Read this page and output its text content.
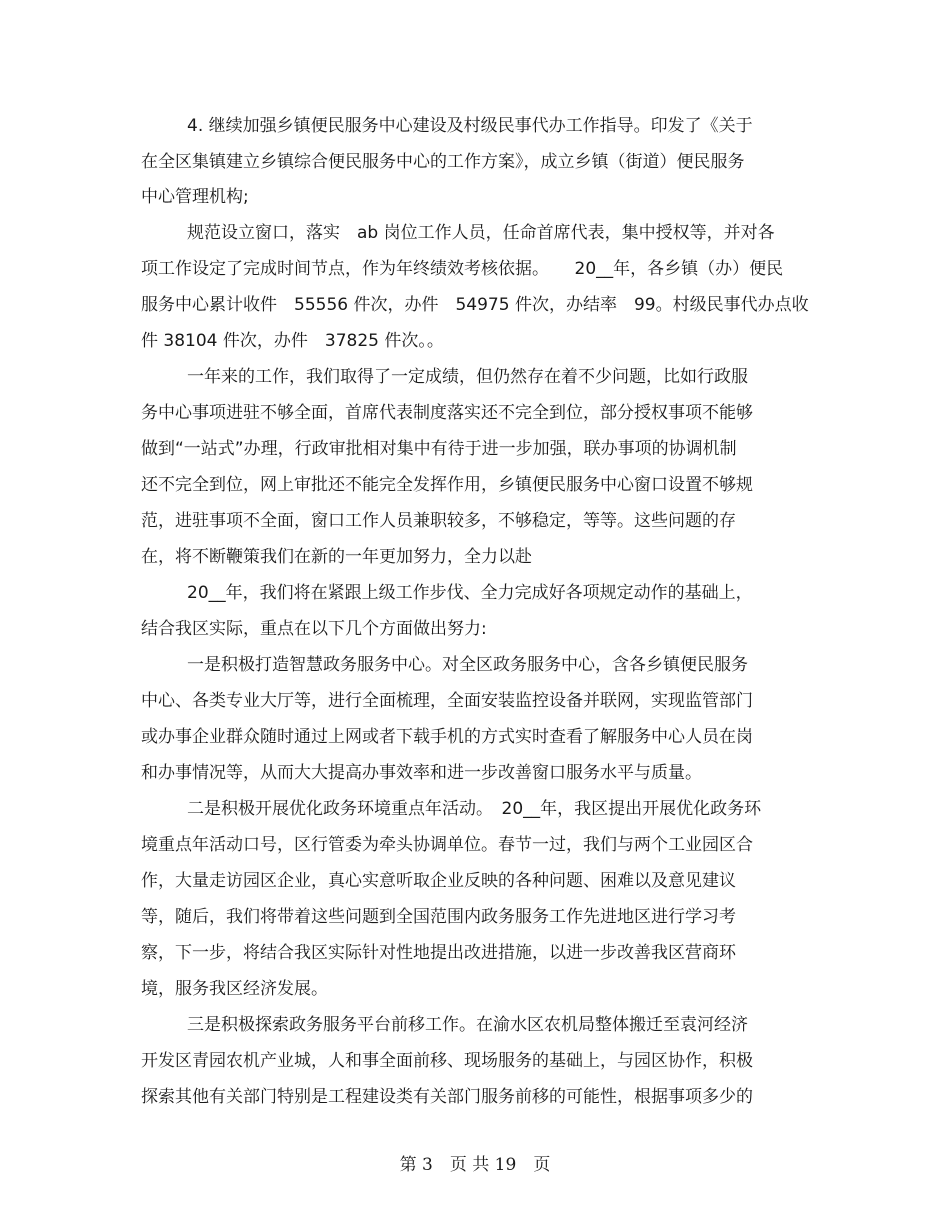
4. 继续加强乡镇便民服务中心建设及村级民事代办工作指导。印发了《关于
在全区集镇建立乡镇综合便民服务中心的工作方案》，成立乡镇（街道）便民服务
中心管理机构;
规范设立窗口，落实　ab 岗位工作人员，任命首席代表，集中授权等，并对各
项工作设定了完成时间节点，作为年终绩效考核依据。　　20__年，各乡镇（办）便民
服务中心累计收件　55556 件次，办件　54975 件次，办结率　99。村级民事代办点收
件 38104 件次，办件　37825 件次。。
一年来的工作，我们取得了一定成绩，但仍然存在着不少问题，比如行政服
务中心事项进驻不够全面，首席代表制度落实还不完全到位，部分授权事项不能够
做到“一站式”办理，行政审批相对集中有待于进一步加强，联办事项的协调机制
还不完全到位，网上审批还不能完全发挥作用，乡镇便民服务中心窗口设置不够规
范，进驻事项不全面，窗口工作人员兼职较多，不够稳定，等等。这些问题的存
在，将不断鞭策我们在新的一年更加努力，全力以赴
20__年，我们将在紧跟上级工作步伐、全力完成好各项规定动作的基础上，
结合我区实际，重点在以下几个方面做出努力:
一是积极打造智慧政务服务中心。对全区政务服务中心，含各乡镇便民服务
中心、各类专业大厅等，进行全面梳理，全面安装监控设备并联网，实现监管部门
或办事企业群众随时通过上网或者下载手机的方式实时查看了解服务中心人员在岗
和办事情况等，从而大大提高办事效率和进一步改善窗口服务水平与质量。
二是积极开展优化政务环境重点年活动。　20__年，我区提出开展优化政务环
境重点年活动口号，区行管委为牵头协调单位。春节一过，我们与两个工业园区合
作，大量走访园区企业，真心实意听取企业反映的各种问题、困难以及意见建议
等，随后，我们将带着这些问题到全国范围内政务服务工作先进地区进行学习考
察，下一步，将结合我区实际针对性地提出改进措施，以进一步改善我区营商环
境，服务我区经济发展。
三是积极探索政务服务平台前移工作。在渝水区农机局整体搬迁至袁河经济
开发区青园农机产业城，人和事全面前移、现场服务的基础上，与园区协作，积极
探索其他有关部门特别是工程建设类有关部门服务前移的可能性，根据事项多少的
第 3　页 共 19　页
